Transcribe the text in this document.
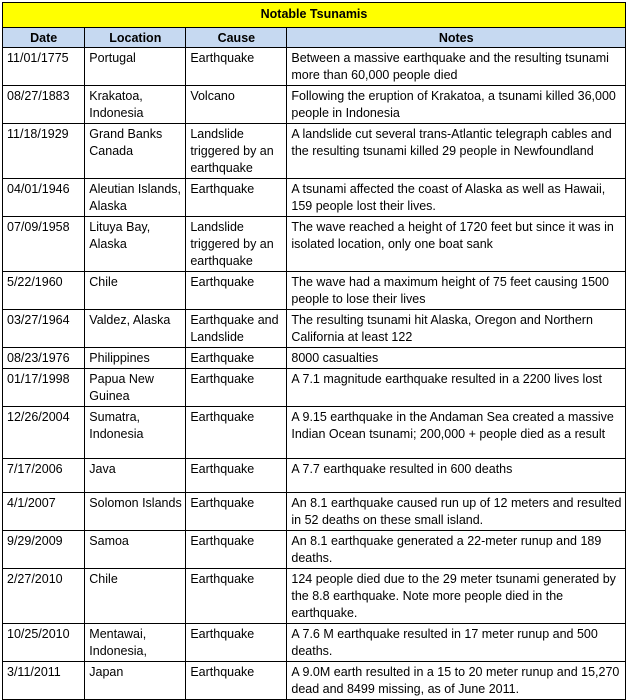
Notable Tsunamis			
Date	Location	Cause	Notes
11/01/1775	Portugal	Earthquake	Between a massive earthquake and the resulting tsunami more than 60,000 people died
08/27/1883	Krakatoa, Indonesia	Volcano	Following the eruption of Krakatoa, a tsunami killed 36,000 people in Indonesia
11/18/1929	Grand Banks Canada	Landslide triggered by an earthquake	A landslide cut several trans-Atlantic telegraph cables and the resulting tsunami killed 29 people in Newfoundland
04/01/1946	Aleutian Islands, Alaska	Earthquake	A tsunami affected the coast of Alaska as well as Hawaii, 159 people lost their lives.
07/09/1958	Lituya Bay, Alaska	Landslide triggered by an earthquake	The wave reached a height of 1720 feet but since it was in isolated location, only one boat sank
5/22/1960	Chile	Earthquake	The wave had a maximum height of 75 feet causing 1500 people to lose their lives
03/27/1964	Valdez, Alaska	Earthquake and Landslide	The resulting tsunami hit Alaska, Oregon and Northern California at least 122
08/23/1976	Philippines	Earthquake	8000 casualties
01/17/1998	Papua New Guinea	Earthquake	A 7.1 magnitude earthquake resulted in a 2200 lives lost
12/26/2004	Sumatra, Indonesia	Earthquake	A 9.15 earthquake in the Andaman Sea created a massive Indian Ocean tsunami; 200,000 + people died as a result
7/17/2006	Java	Earthquake	A 7.7 earthquake resulted in 600 deaths
4/1/2007	Solomon Islands	Earthquake	An 8.1 earthquake caused run up of 12 meters and resulted in 52 deaths on these small island.
9/29/2009	Samoa	Earthquake	An 8.1 earthquake generated a 22-meter runup and 189 deaths.
2/27/2010	Chile	Earthquake	124 people died due to the 29 meter tsunami generated by the 8.8 earthquake. Note more people died in the earthquake.
10/25/2010	Mentawai, Indonesia,	Earthquake	A 7.6 M earthquake resulted in 17 meter runup and 500 deaths.
3/11/2011	Japan	Earthquake	A 9.0M earth resulted in a 15 to 20 meter runup and 15,270 dead and 8499 missing, as of June 2011.
